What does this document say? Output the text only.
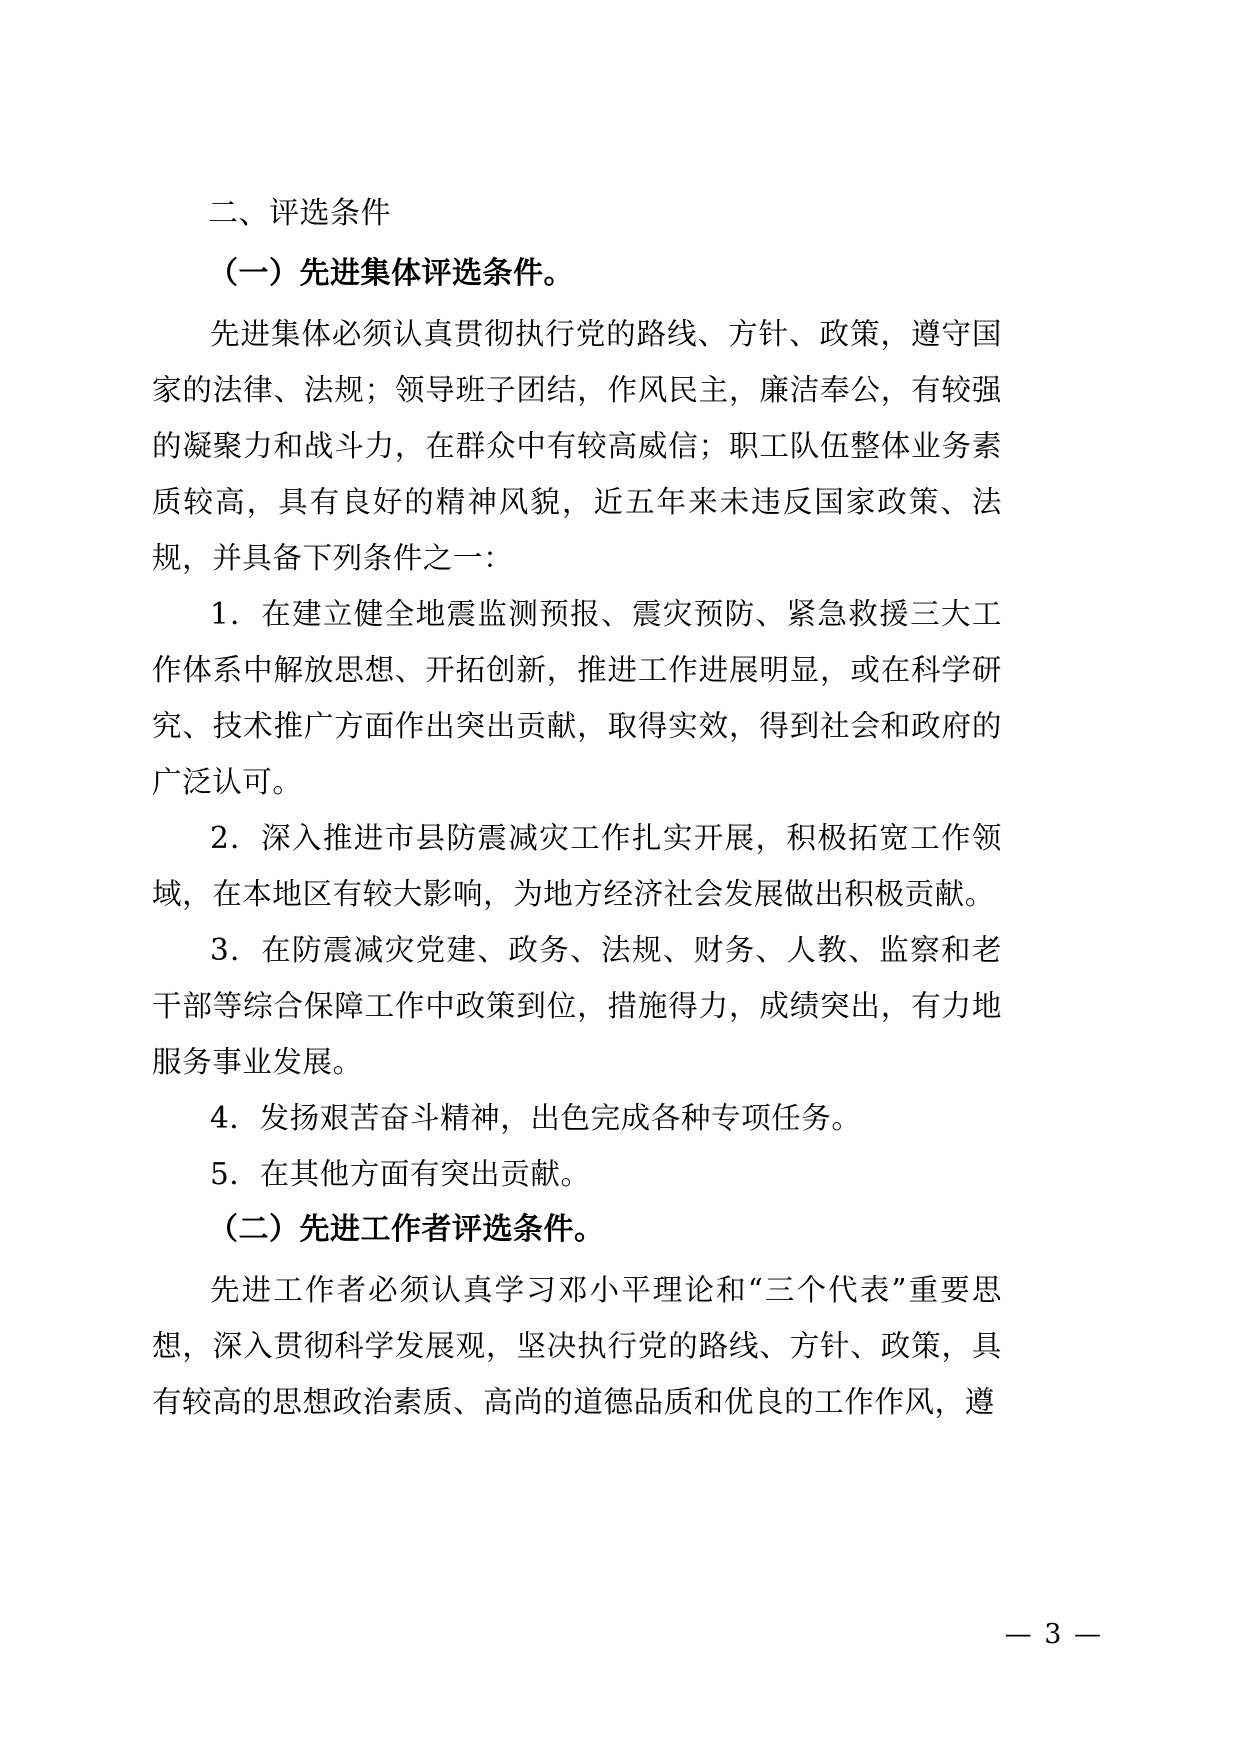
二、评选条件
（一）先进集体评选条件。

先进集体必须认真贯彻执行党的路线、方针、政策，遵守国家的法律、法规；领导班子团结，作风民主，廉洁奉公，有较强的凝聚力和战斗力，在群众中有较高威信；职工队伍整体业务素质较高，具有良好的精神风貌，近五年来未违反国家政策、法规，并具备下列条件之一：

1．在建立健全地震监测预报、震灾预防、紧急救援三大工作体系中解放思想、开拓创新，推进工作进展明显，或在科学研究、技术推广方面作出突出贡献，取得实效，得到社会和政府的广泛认可。

2．深入推进市县防震减灾工作扎实开展，积极拓宽工作领域，在本地区有较大影响，为地方经济社会发展做出积极贡献。

3．在防震减灾党建、政务、法规、财务、人教、监察和老干部等综合保障工作中政策到位，措施得力，成绩突出，有力地服务事业发展。

4．发扬艰苦奋斗精神，出色完成各种专项任务。

5．在其他方面有突出贡献。

（二）先进工作者评选条件。

先进工作者必须认真学习邓小平理论和“三个代表”重要思想，深入贯彻科学发展观，坚决执行党的路线、方针、政策，具有较高的思想政治素质、高尚的道德品质和优良的工作作风，遵

— 3 —
